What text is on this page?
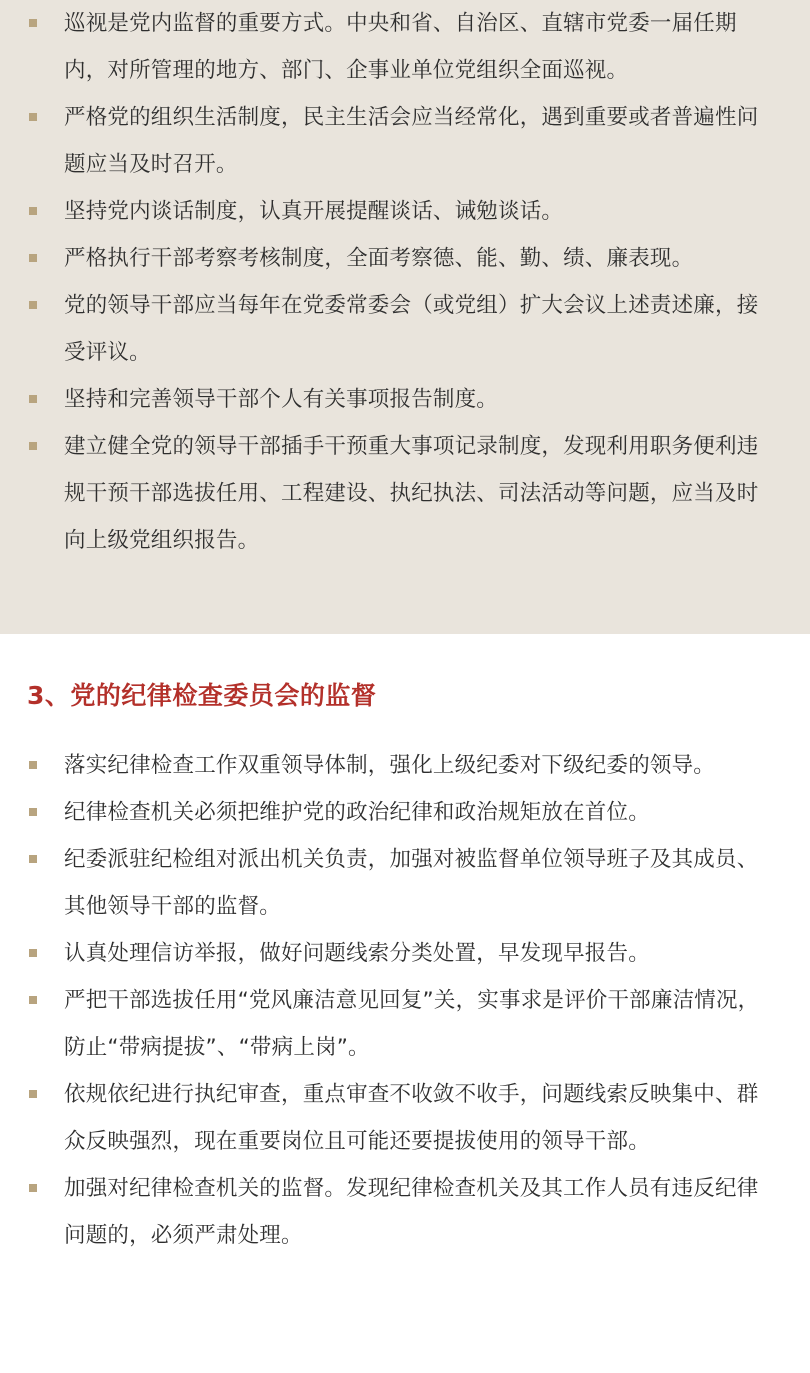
巡视是党内监督的重要方式。中央和省、自治区、直辖市党委一届任期内，对所管理的地方、部门、企事业单位党组织全面巡视。
严格党的组织生活制度，民主生活会应当经常化，遇到重要或者普遍性问题应当及时召开。
坚持党内谈话制度，认真开展提醒谈话、诫勉谈话。
严格执行干部考察考核制度，全面考察德、能、勤、绩、廉表现。
党的领导干部应当每年在党委常委会（或党组）扩大会议上述责述廉，接受评议。
坚持和完善领导干部个人有关事项报告制度。
建立健全党的领导干部插手干预重大事项记录制度，发现利用职务便利违规干预干部选拔任用、工程建设、执纪执法、司法活动等问题，应当及时向上级党组织报告。
3、党的纪律检查委员会的监督
落实纪律检查工作双重领导体制，强化上级纪委对下级纪委的领导。
纪律检查机关必须把维护党的政治纪律和政治规矩放在首位。
纪委派驻纪检组对派出机关负责，加强对被监督单位领导班子及其成员、其他领导干部的监督。
认真处理信访举报，做好问题线索分类处置，早发现早报告。
严把干部选拔任用“党风廉洁意见回复”关，实事求是评价干部廉洁情况，防止“带病提拔”、“带病上岗”。
依规依纪进行执纪审查，重点审查不收敛不收手，问题线索反映集中、群众反映强烈，现在重要岗位且可能还要提拔使用的领导干部。
加强对纪律检查机关的监督。发现纪律检查机关及其工作人员有违反纪律问题的，必须严肃处理。
